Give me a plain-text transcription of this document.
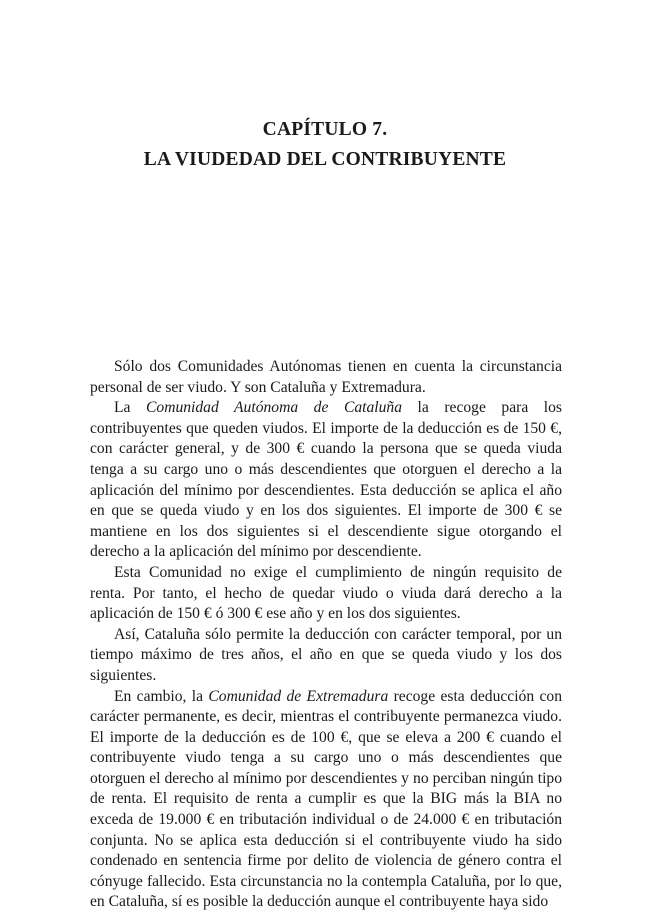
CAPÍTULO 7.
LA VIUDEDAD DEL CONTRIBUYENTE

Sólo dos Comunidades Autónomas tienen en cuenta la circunstancia personal de ser viudo. Y son Cataluña y Extremadura.

La Comunidad Autónoma de Cataluña la recoge para los contribuyentes que queden viudos. El importe de la deducción es de 150 €, con carácter general, y de 300 € cuando la persona que se queda viuda tenga a su cargo uno o más descendientes que otorguen el derecho a la aplicación del mínimo por descendientes. Esta deducción se aplica el año en que se queda viudo y en los dos siguientes. El importe de 300 € se mantiene en los dos siguientes si el descendiente sigue otorgando el derecho a la aplicación del mínimo por descendiente.

Esta Comunidad no exige el cumplimiento de ningún requisito de renta. Por tanto, el hecho de quedar viudo o viuda dará derecho a la aplicación de 150 € ó 300 € ese año y en los dos siguientes.

Así, Cataluña sólo permite la deducción con carácter temporal, por un tiempo máximo de tres años, el año en que se queda viudo y los dos siguientes.

En cambio, la Comunidad de Extremadura recoge esta deducción con carácter permanente, es decir, mientras el contribuyente permanezca viudo. El importe de la deducción es de 100 €, que se eleva a 200 € cuando el contribuyente viudo tenga a su cargo uno o más descendientes que otorguen el derecho al mínimo por descendientes y no perciban ningún tipo de renta. El requisito de renta a cumplir es que la BIG más la BIA no exceda de 19.000 € en tributación individual o de 24.000 € en tributación conjunta. No se aplica esta deducción si el contribuyente viudo ha sido condenado en sentencia firme por delito de violencia de género contra el cónyuge fallecido. Esta circunstancia no la contempla Cataluña, por lo que, en Cataluña, sí es posible la deducción aunque el contribuyente haya sido
